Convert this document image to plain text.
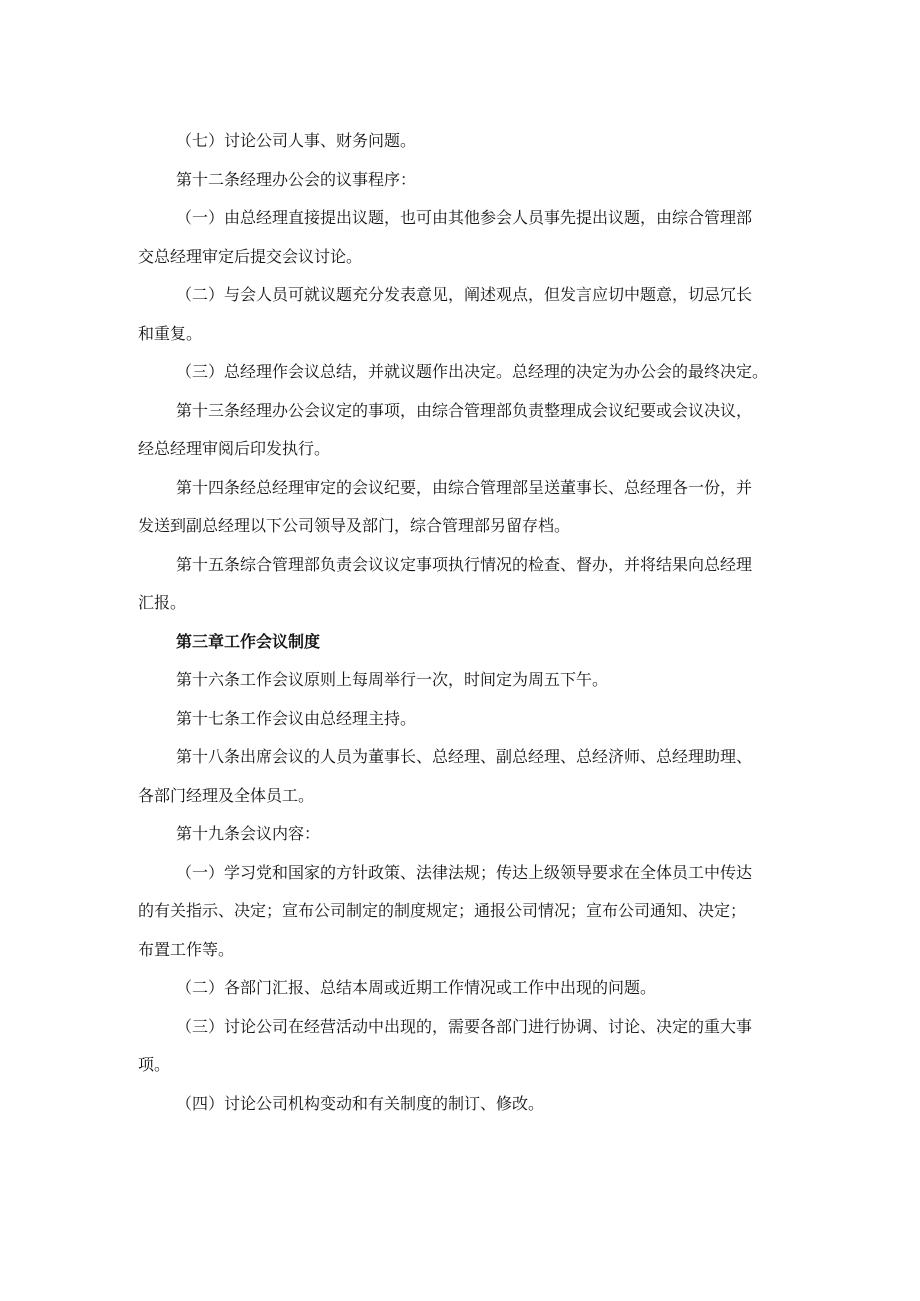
（七）讨论公司人事、财务问题。
第十二条经理办公会的议事程序：
（一）由总经理直接提出议题，也可由其他参会人员事先提出议题，由综合管理部
交总经理审定后提交会议讨论。
（二）与会人员可就议题充分发表意见，阐述观点，但发言应切中题意，切忌冗长
和重复。
（三）总经理作会议总结，并就议题作出决定。总经理的决定为办公会的最终决定。
第十三条经理办公会议定的事项，由综合管理部负责整理成会议纪要或会议决议，
经总经理审阅后印发执行。
第十四条经总经理审定的会议纪要，由综合管理部呈送董事长、总经理各一份，并
发送到副总经理以下公司领导及部门，综合管理部另留存档。
第十五条综合管理部负责会议议定事项执行情况的检查、督办，并将结果向总经理
汇报。
第三章工作会议制度
第十六条工作会议原则上每周举行一次，时间定为周五下午。
第十七条工作会议由总经理主持。
第十八条出席会议的人员为董事长、总经理、副总经理、总经济师、总经理助理、
各部门经理及全体员工。
第十九条会议内容：
（一）学习党和国家的方针政策、法律法规；传达上级领导要求在全体员工中传达
的有关指示、决定；宣布公司制定的制度规定；通报公司情况；宣布公司通知、决定；
布置工作等。
（二）各部门汇报、总结本周或近期工作情况或工作中出现的问题。
（三）讨论公司在经营活动中出现的，需要各部门进行协调、讨论、决定的重大事
项。
（四）讨论公司机构变动和有关制度的制订、修改。
